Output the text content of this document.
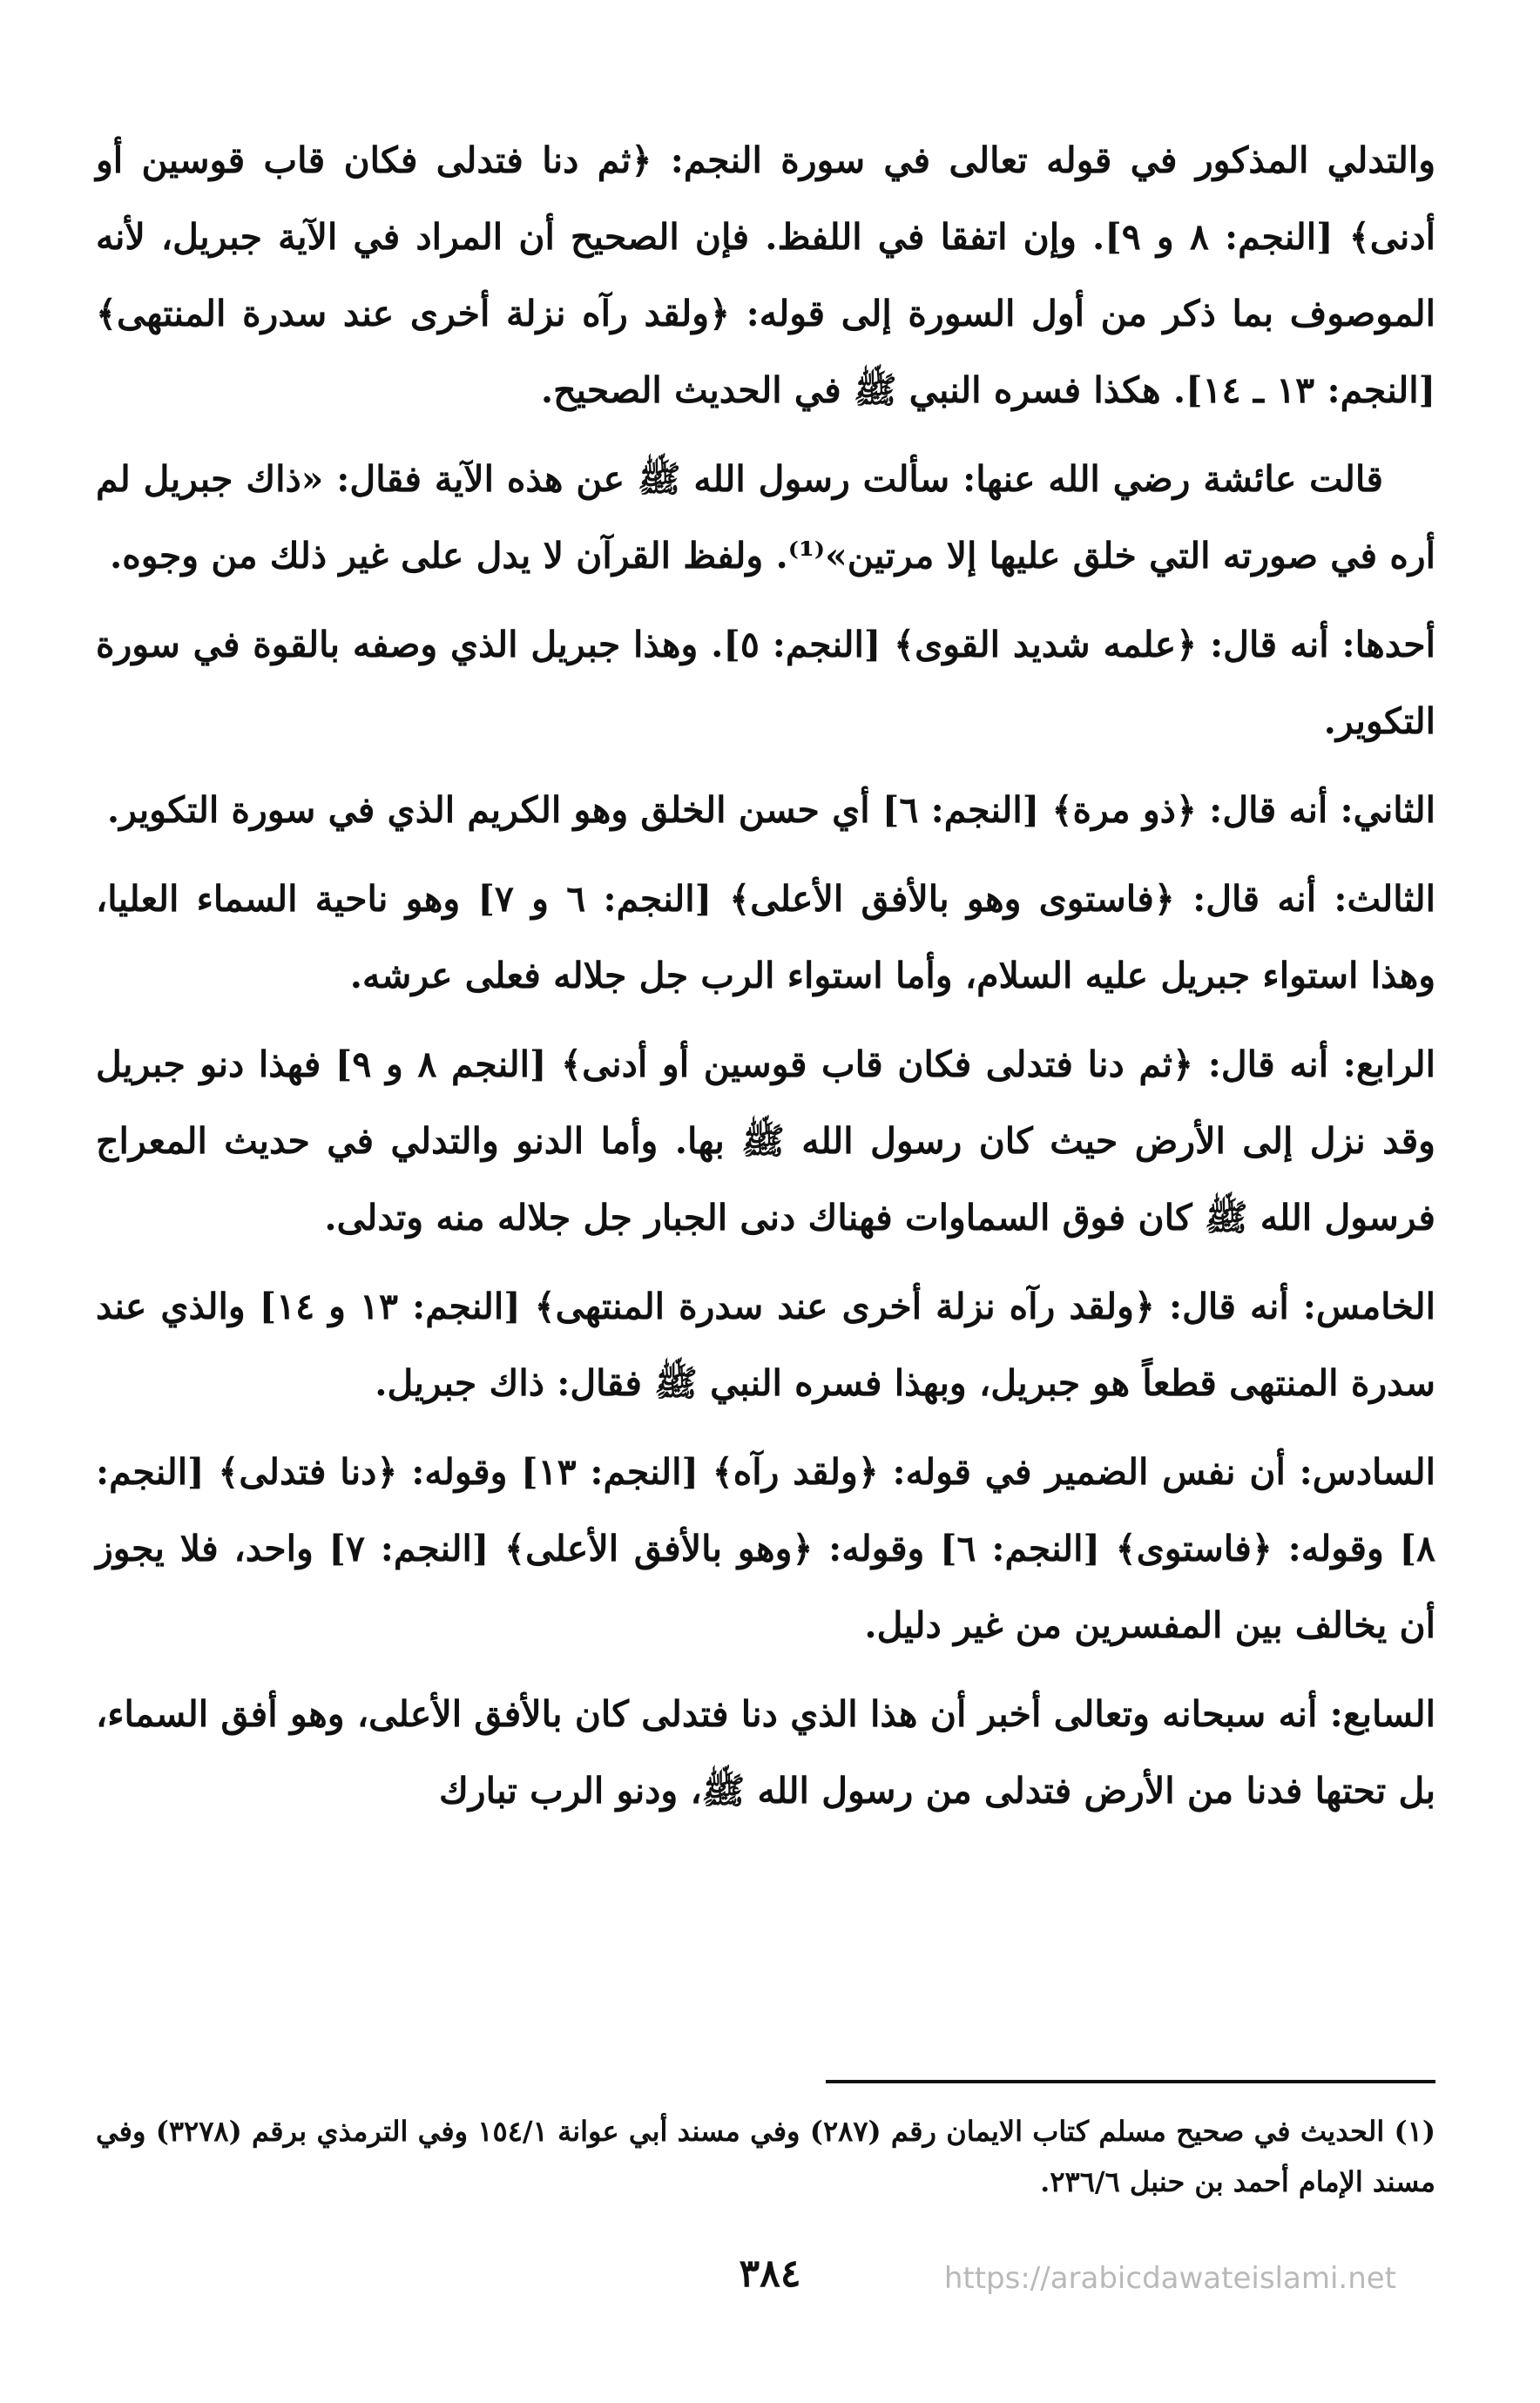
والتدلي المذكور في قوله تعالى في سورة النجم: ﴿ثم دنا فتدلى فكان قاب قوسين أو أدنى﴾ [النجم: ٨ و ٩]. وإن اتفقا في اللفظ. فإن الصحيح أن المراد في الآية جبريل، لأنه الموصوف بما ذكر من أول السورة إلى قوله: ﴿ولقد رآه نزلة أخرى عند سدرة المنتهى﴾ [النجم: ١٣ ـ ١٤]. هكذا فسره النبي ﷺ في الحديث الصحيح.

قالت عائشة رضي الله عنها: سألت رسول الله ﷺ عن هذه الآية فقال: «ذاك جبريل لم أره في صورته التي خلق عليها إلا مرتين»⁽¹⁾. ولفظ القرآن لا يدل على غير ذلك من وجوه.

أحدها: أنه قال: ﴿علمه شديد القوى﴾ [النجم: ٥]. وهذا جبريل الذي وصفه بالقوة في سورة التكوير.

الثاني: أنه قال: ﴿ذو مرة﴾ [النجم: ٦] أي حسن الخلق وهو الكريم الذي في سورة التكوير.

الثالث: أنه قال: ﴿فاستوى وهو بالأفق الأعلى﴾ [النجم: ٦ و ٧] وهو ناحية السماء العليا، وهذا استواء جبريل عليه السلام، وأما استواء الرب جل جلاله فعلى عرشه.

الرابع: أنه قال: ﴿ثم دنا فتدلى فكان قاب قوسين أو أدنى﴾ [النجم ٨ و ٩] فهذا دنو جبريل وقد نزل إلى الأرض حيث كان رسول الله ﷺ بها. وأما الدنو والتدلي في حديث المعراج فرسول الله ﷺ كان فوق السماوات فهناك دنى الجبار جل جلاله منه وتدلى.

الخامس: أنه قال: ﴿ولقد رآه نزلة أخرى عند سدرة المنتهى﴾ [النجم: ١٣ و ١٤] والذي عند سدرة المنتهى قطعاً هو جبريل، وبهذا فسره النبي ﷺ فقال: ذاك جبريل.

السادس: أن نفس الضمير في قوله: ﴿ولقد رآه﴾ [النجم: ١٣] وقوله: ﴿دنا فتدلى﴾ [النجم: ٨] وقوله: ﴿فاستوى﴾ [النجم: ٦] وقوله: ﴿وهو بالأفق الأعلى﴾ [النجم: ٧] واحد، فلا يجوز أن يخالف بين المفسرين من غير دليل.

السابع: أنه سبحانه وتعالى أخبر أن هذا الذي دنا فتدلى كان بالأفق الأعلى، وهو أفق السماء، بل تحتها فدنا من الأرض فتدلى من رسول الله ﷺ، ودنو الرب تبارك

(١) الحديث في صحيح مسلم كتاب الايمان رقم (٢٨٧) وفي مسند أبي عوانة ١٥٤/١ وفي الترمذي برقم (٣٢٧٨) وفي مسند الإمام أحمد بن حنبل ٢٣٦/٦.

٣٨٤	https://arabicdawateislami.net
